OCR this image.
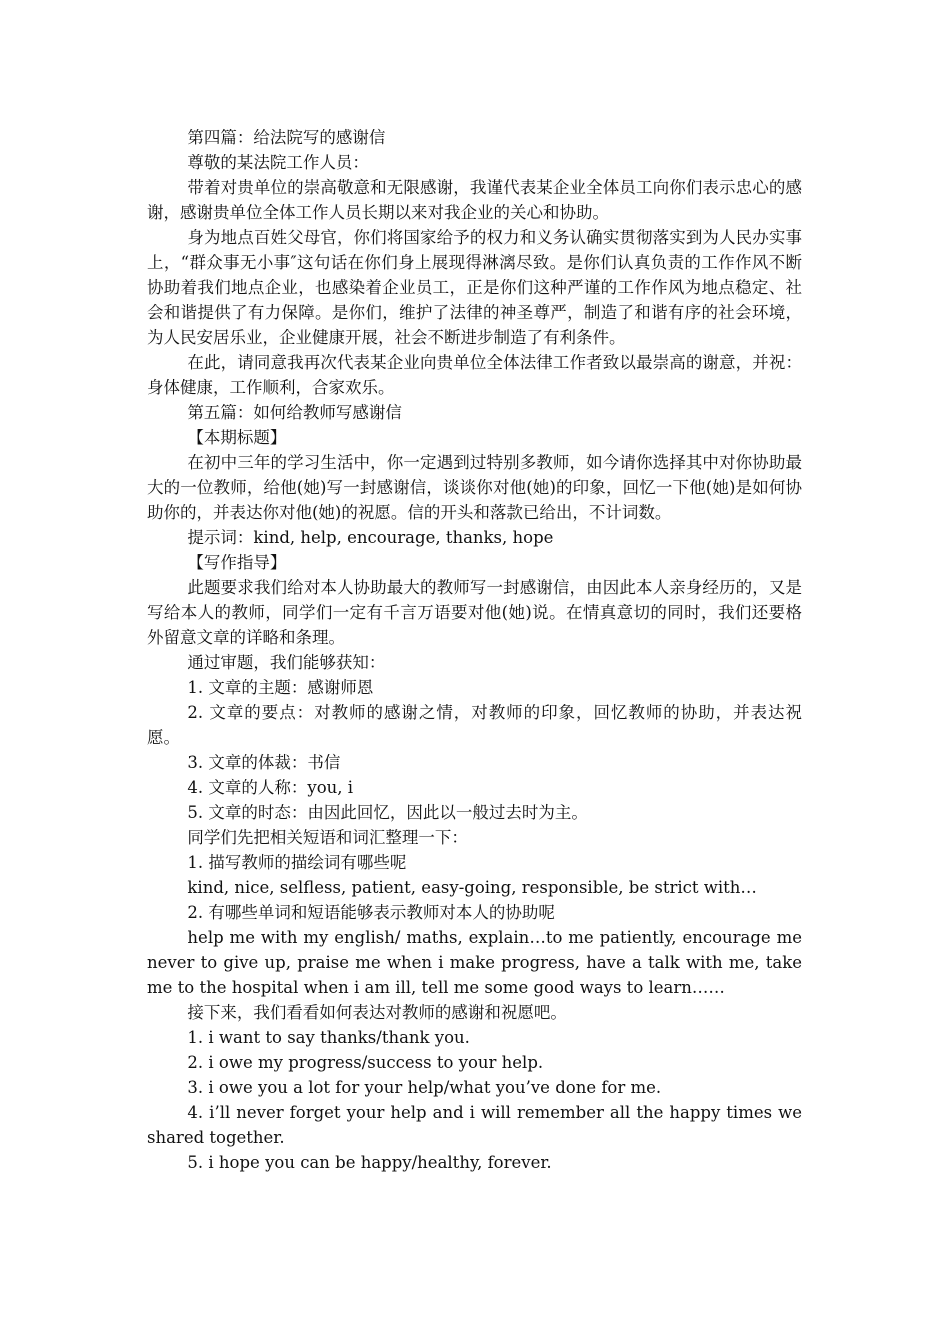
第四篇：给法院写的感谢信

尊敬的某法院工作人员：

带着对贵单位的崇高敬意和无限感谢，我谨代表某企业全体员工向你们表示忠心的感谢，感谢贵单位全体工作人员长期以来对我企业的关心和协助。

身为地点百姓父母官，你们将国家给予的权力和义务认确实贯彻落实到为人民办实事上，“群众事无小事″这句话在你们身上展现得淋漓尽致。是你们认真负责的工作作风不断协助着我们地点企业，也感染着企业员工，正是你们这种严谨的工作作风为地点稳定、社会和谐提供了有力保障。是你们，维护了法律的神圣尊严，制造了和谐有序的社会环境，为人民安居乐业，企业健康开展，社会不断进步制造了有利条件。

在此，请同意我再次代表某企业向贵单位全体法律工作者致以最崇高的谢意，并祝：身体健康，工作顺利，合家欢乐。

第五篇：如何给教师写感谢信

【本期标题】

在初中三年的学习生活中，你一定遇到过特别多教师，如今请你选择其中对你协助最大的一位教师，给他(她)写一封感谢信，谈谈你对他(她)的印象，回忆一下他(她)是如何协助你的，并表达你对他(她)的祝愿。信的开头和落款已给出，不计词数。

提示词：kind, help, encourage, thanks, hope

【写作指导】

此题要求我们给对本人协助最大的教师写一封感谢信，由因此本人亲身经历的，又是写给本人的教师，同学们一定有千言万语要对他(她)说。在情真意切的同时，我们还要格外留意文章的详略和条理。

通过审题，我们能够获知：

1. 文章的主题：感谢师恩

2. 文章的要点：对教师的感谢之情，对教师的印象，回忆教师的协助，并表达祝愿。

3. 文章的体裁：书信

4. 文章的人称：you, i

5. 文章的时态：由因此回忆，因此以一般过去时为主。

同学们先把相关短语和词汇整理一下：

1. 描写教师的描绘词有哪些呢

kind, nice, selfless, patient, easy-going, responsible, be strict with…

2. 有哪些单词和短语能够表示教师对本人的协助呢

help me with my english/ maths, explain…to me patiently, encourage me never to give up, praise me when i make progress, have a talk with me, take me to the hospital when i am ill, tell me some good ways to learn……

接下来，我们看看如何表达对教师的感谢和祝愿吧。

1. i want to say thanks/thank you.

2. i owe my progress/success to your help.

3. i owe you a lot for your help/what you’ve done for me.

4. i’ll never forget your help and i will remember all the happy times we shared together.

5. i hope you can be happy/healthy, forever.
